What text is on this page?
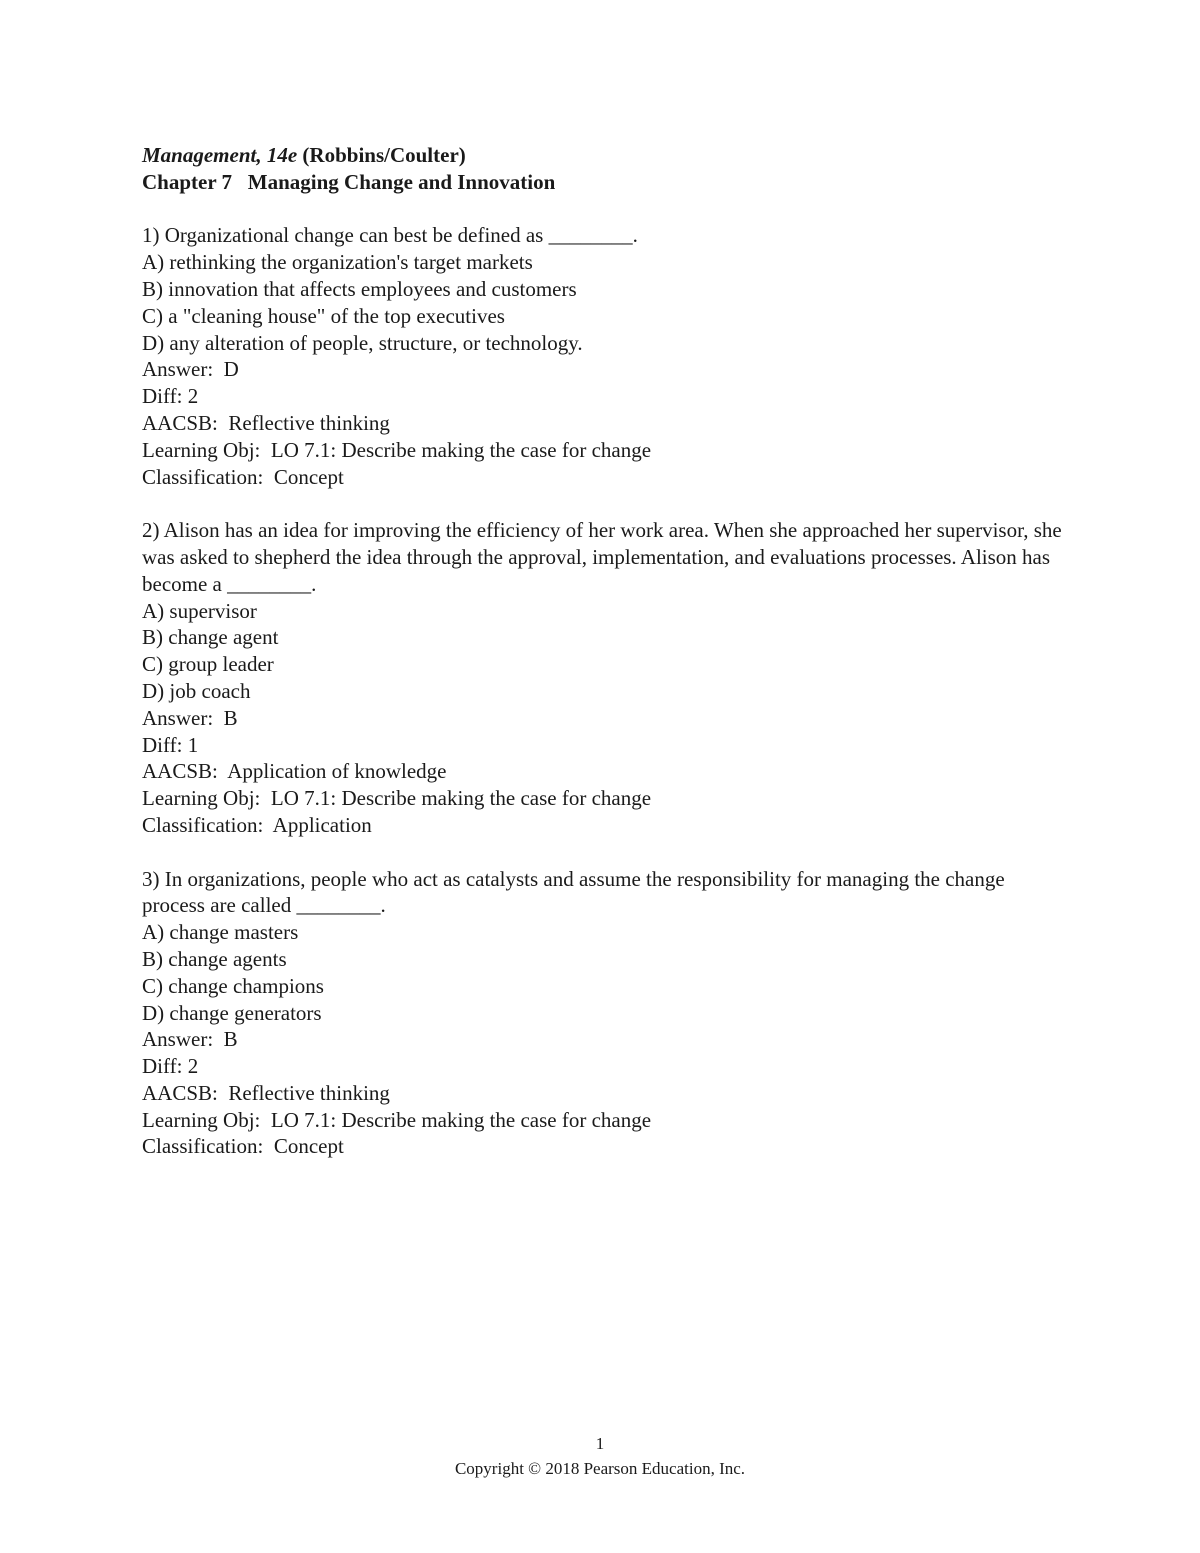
Management, 14e (Robbins/Coulter)
Chapter 7 Managing Change and Innovation
1) Organizational change can best be defined as ________.
A) rethinking the organization's target markets
B) innovation that affects employees and customers
C) a "cleaning house" of the top executives
D) any alteration of people, structure, or technology.
Answer:  D
Diff: 2
AACSB:  Reflective thinking
Learning Obj:  LO 7.1: Describe making the case for change
Classification:  Concept
2) Alison has an idea for improving the efficiency of her work area. When she approached her supervisor, she was asked to shepherd the idea through the approval, implementation, and evaluations processes. Alison has become a ________.
A) supervisor
B) change agent
C) group leader
D) job coach
Answer:  B
Diff: 1
AACSB:  Application of knowledge
Learning Obj:  LO 7.1: Describe making the case for change
Classification:  Application
3) In organizations, people who act as catalysts and assume the responsibility for managing the change process are called ________.
A) change masters
B) change agents
C) change champions
D) change generators
Answer:  B
Diff: 2
AACSB:  Reflective thinking
Learning Obj:  LO 7.1: Describe making the case for change
Classification:  Concept
1
Copyright © 2018 Pearson Education, Inc.
